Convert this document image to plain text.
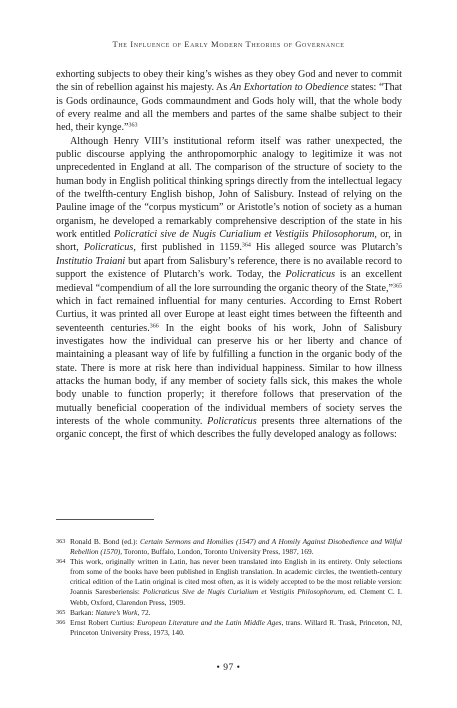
The Influence of Early Modern Theories of Governance

exhorting subjects to obey their king’s wishes as they obey God and never to commit the sin of rebellion against his majesty. As An Exhortation to Obedience states: “That is Gods ordinaunce, Gods commaundment and Gods holy will, that the whole body of every realme and all the members and partes of the same shalbe subject to their hed, their kynge.”$^{363}$

Although Henry VIII’s institutional reform itself was rather unexpected, the public discourse applying the anthropomorphic analogy to legitimize it was not unprecedented in England at all. The comparison of the structure of society to the human body in English political thinking springs directly from the intellectual legacy of the twelfth-century English bishop, John of Salisbury. Instead of relying on the Pauline image of the “corpus mysticum” or Aristotle’s notion of society as a human organism, he developed a remarkably comprehensive description of the state in his work entitled Policratici sive de Nugis Curialium et Vestigiis Philosophorum, or, in short, Policraticus, first published in 1159.$^{364}$ His alleged source was Plutarch’s Institutio Traiani but apart from Salisbury’s reference, there is no available record to support the existence of Plutarch’s work. Today, the Policraticus is an excellent medieval “compendium of all the lore surrounding the organic theory of the State,”$^{365}$ which in fact remained influential for many centuries. According to Ernst Robert Curtius, it was printed all over Europe at least eight times between the fifteenth and seventeenth centuries.$^{366}$ In the eight books of his work, John of Salisbury investigates how the individual can preserve his or her liberty and chance of maintaining a pleasant way of life by fulfilling a function in the organic body of the state. There is more at risk here than individual happiness. Similar to how illness attacks the human body, if any member of society falls sick, this makes the whole body unable to function properly; it therefore follows that preservation of the mutually beneficial cooperation of the individual members of society serves the interests of the whole community. Policraticus presents three alternations of the organic concept, the first of which describes the fully developed analogy as follows:

363 Ronald B. Bond (ed.): Certain Sermons and Homilies (1547) and A Homily Against Disobedience and Wilful Rebellion (1570), Toronto, Buffalo, London, Toronto University Press, 1987, 169.

364 This work, originally written in Latin, has never been translated into English in its entirety. Only selections from some of the books have been published in English translation. In academic circles, the twentieth-century critical edition of the Latin original is cited most often, as it is widely accepted to be the most reliable version: Joannis Saresberiensis: Policraticus Sive de Nugis Curialium et Vestigiis Philosophorum, ed. Clement C. I. Webb, Oxford, Clarendon Press, 1909.

365 Barkan: Nature’s Work, 72.

366 Ernst Robert Curtius: European Literature and the Latin Middle Ages, trans. Willard R. Trask, Princeton, NJ, Princeton University Press, 1973, 140.

• 97 •
